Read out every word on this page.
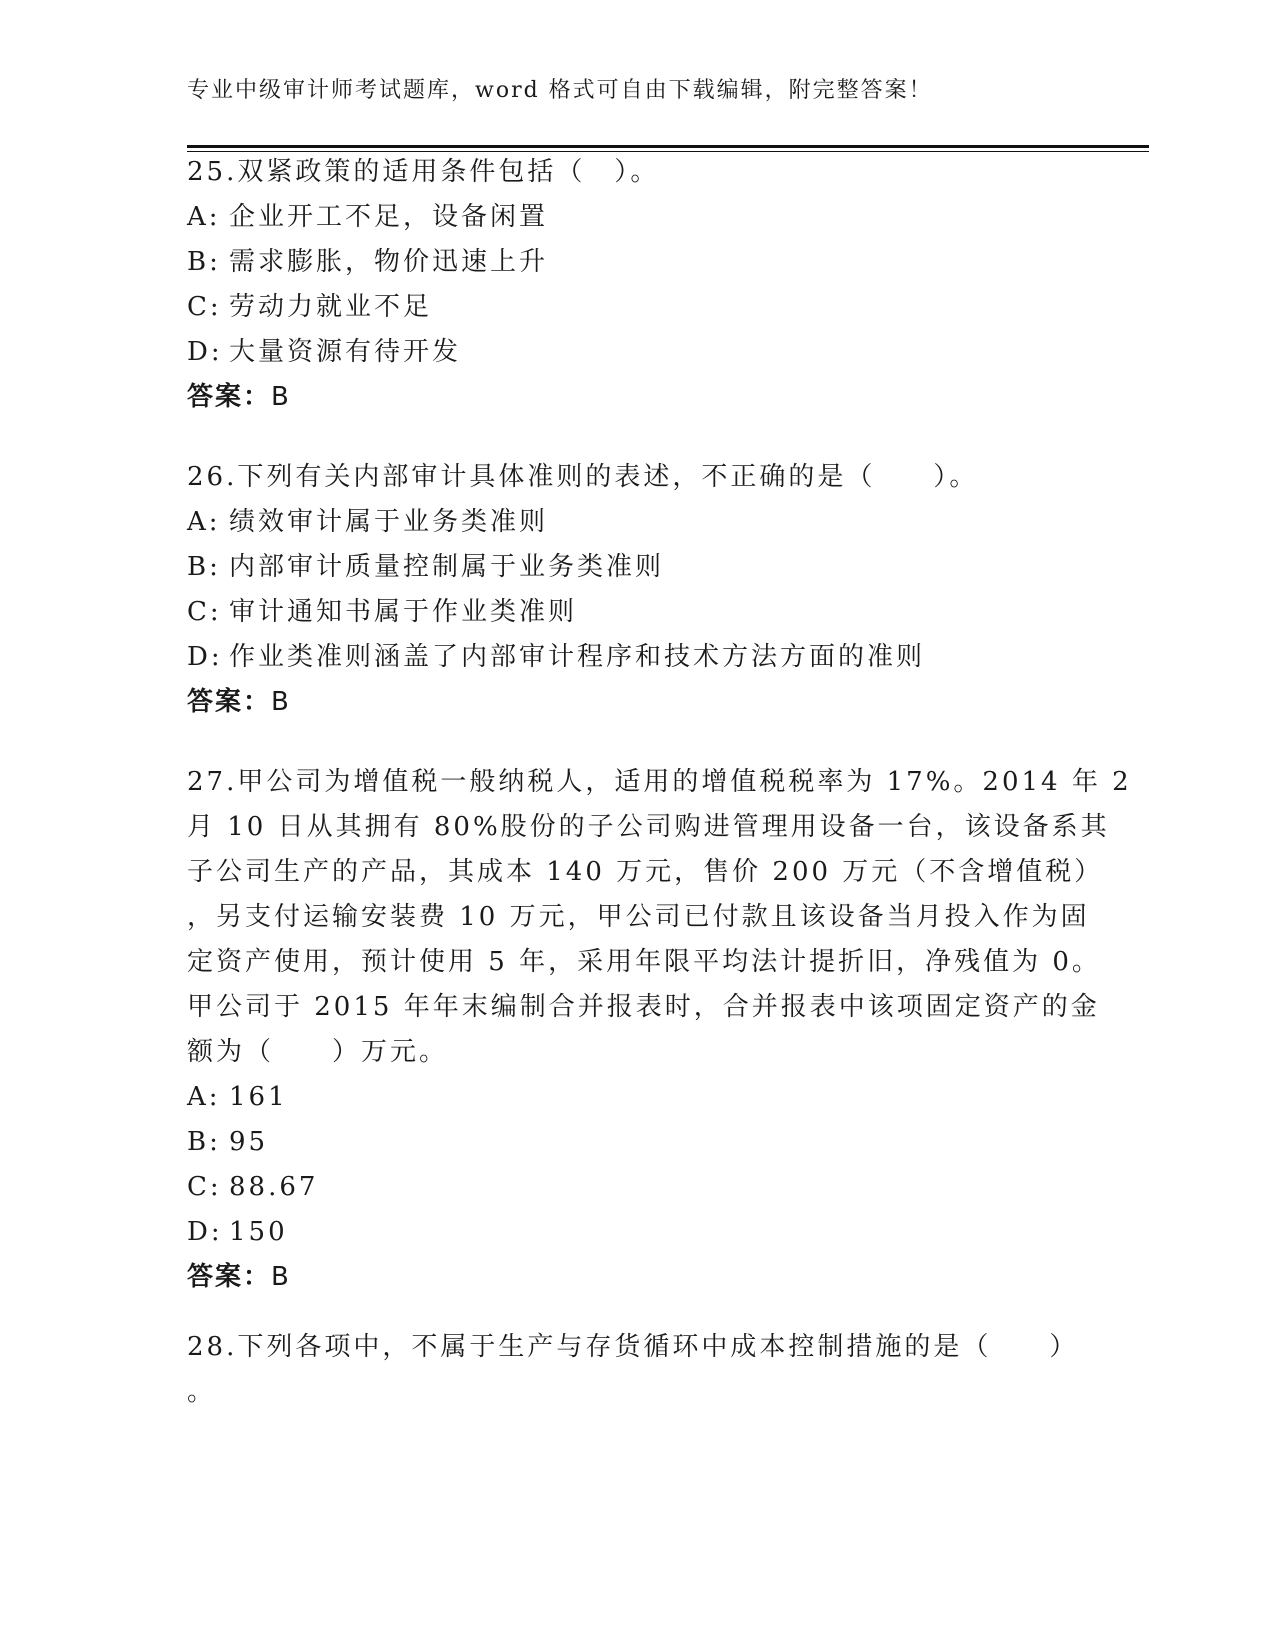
专业中级审计师考试题库，word 格式可自由下载编辑，附完整答案！

25.双紧政策的适用条件包括（　）。

A: 企业开工不足，设备闲置

B: 需求膨胀，物价迅速上升

C: 劳动力就业不足

D: 大量资源有待开发

答案：B

26.下列有关内部审计具体准则的表述，不正确的是（　　）。

A: 绩效审计属于业务类准则

B: 内部审计质量控制属于业务类准则

C: 审计通知书属于作业类准则

D: 作业类准则涵盖了内部审计程序和技术方法方面的准则

答案：B

27.甲公司为增值税一般纳税人，适用的增值税税率为 17%。2014 年 2

月 10 日从其拥有 80%股份的子公司购进管理用设备一台，该设备系其

子公司生产的产品，其成本 140 万元，售价 200 万元（不含增值税）

，另支付运输安装费 10 万元，甲公司已付款且该设备当月投入作为固

定资产使用，预计使用 5 年，采用年限平均法计提折旧，净残值为 0。

甲公司于 2015 年年末编制合并报表时，合并报表中该项固定资产的金

额为（　　）万元。

A: 161

B: 95

C: 88.67

D: 150

答案：B

28.下列各项中，不属于生产与存货循环中成本控制措施的是（　　）

。
